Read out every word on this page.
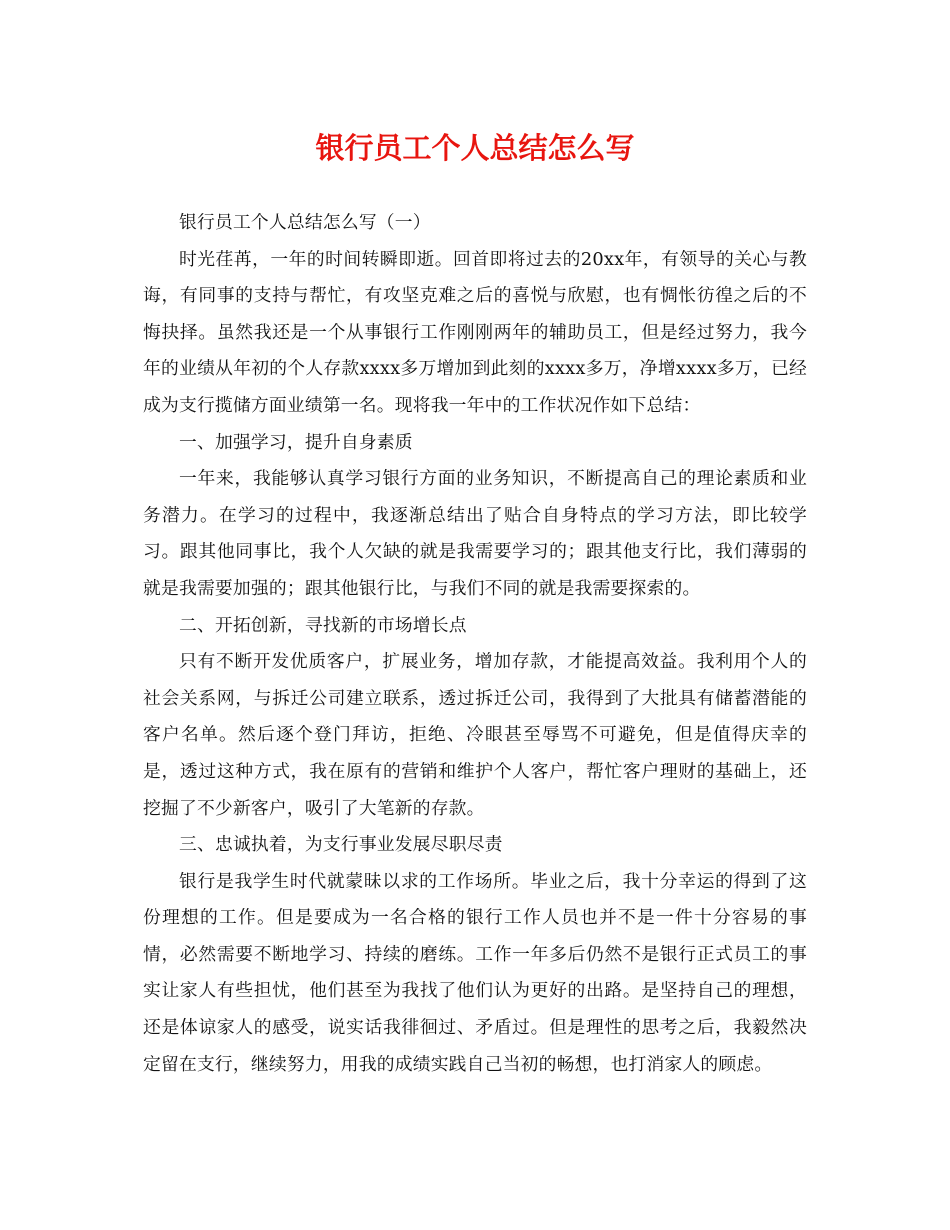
银行员工个人总结怎么写

银行员工个人总结怎么写（一）

时光荏苒，一年的时间转瞬即逝。回首即将过去的20xx年，有领导的关心与教诲，有同事的支持与帮忙，有攻坚克难之后的喜悦与欣慰，也有惆怅彷徨之后的不悔抉择。虽然我还是一个从事银行工作刚刚两年的辅助员工，但是经过努力，我今年的业绩从年初的个人存款xxxx多万增加到此刻的xxxx多万，净增xxxx多万，已经成为支行揽储方面业绩第一名。现将我一年中的工作状况作如下总结：

一、加强学习，提升自身素质

一年来，我能够认真学习银行方面的业务知识，不断提高自己的理论素质和业务潜力。在学习的过程中，我逐渐总结出了贴合自身特点的学习方法，即比较学习。跟其他同事比，我个人欠缺的就是我需要学习的；跟其他支行比，我们薄弱的就是我需要加强的；跟其他银行比，与我们不同的就是我需要探索的。

二、开拓创新，寻找新的市场增长点

只有不断开发优质客户，扩展业务，增加存款，才能提高效益。我利用个人的社会关系网，与拆迁公司建立联系，透过拆迁公司，我得到了大批具有储蓄潜能的客户名单。然后逐个登门拜访，拒绝、冷眼甚至辱骂不可避免，但是值得庆幸的是，透过这种方式，我在原有的营销和维护个人客户，帮忙客户理财的基础上，还挖掘了不少新客户，吸引了大笔新的存款。

三、忠诚执着，为支行事业发展尽职尽责

银行是我学生时代就蒙昧以求的工作场所。毕业之后，我十分幸运的得到了这份理想的工作。但是要成为一名合格的银行工作人员也并不是一件十分容易的事情，必然需要不断地学习、持续的磨练。工作一年多后仍然不是银行正式员工的事实让家人有些担忧，他们甚至为我找了他们认为更好的出路。是坚持自己的理想，还是体谅家人的感受，说实话我徘徊过、矛盾过。但是理性的思考之后，我毅然决定留在支行，继续努力，用我的成绩实践自己当初的畅想，也打消家人的顾虑。
